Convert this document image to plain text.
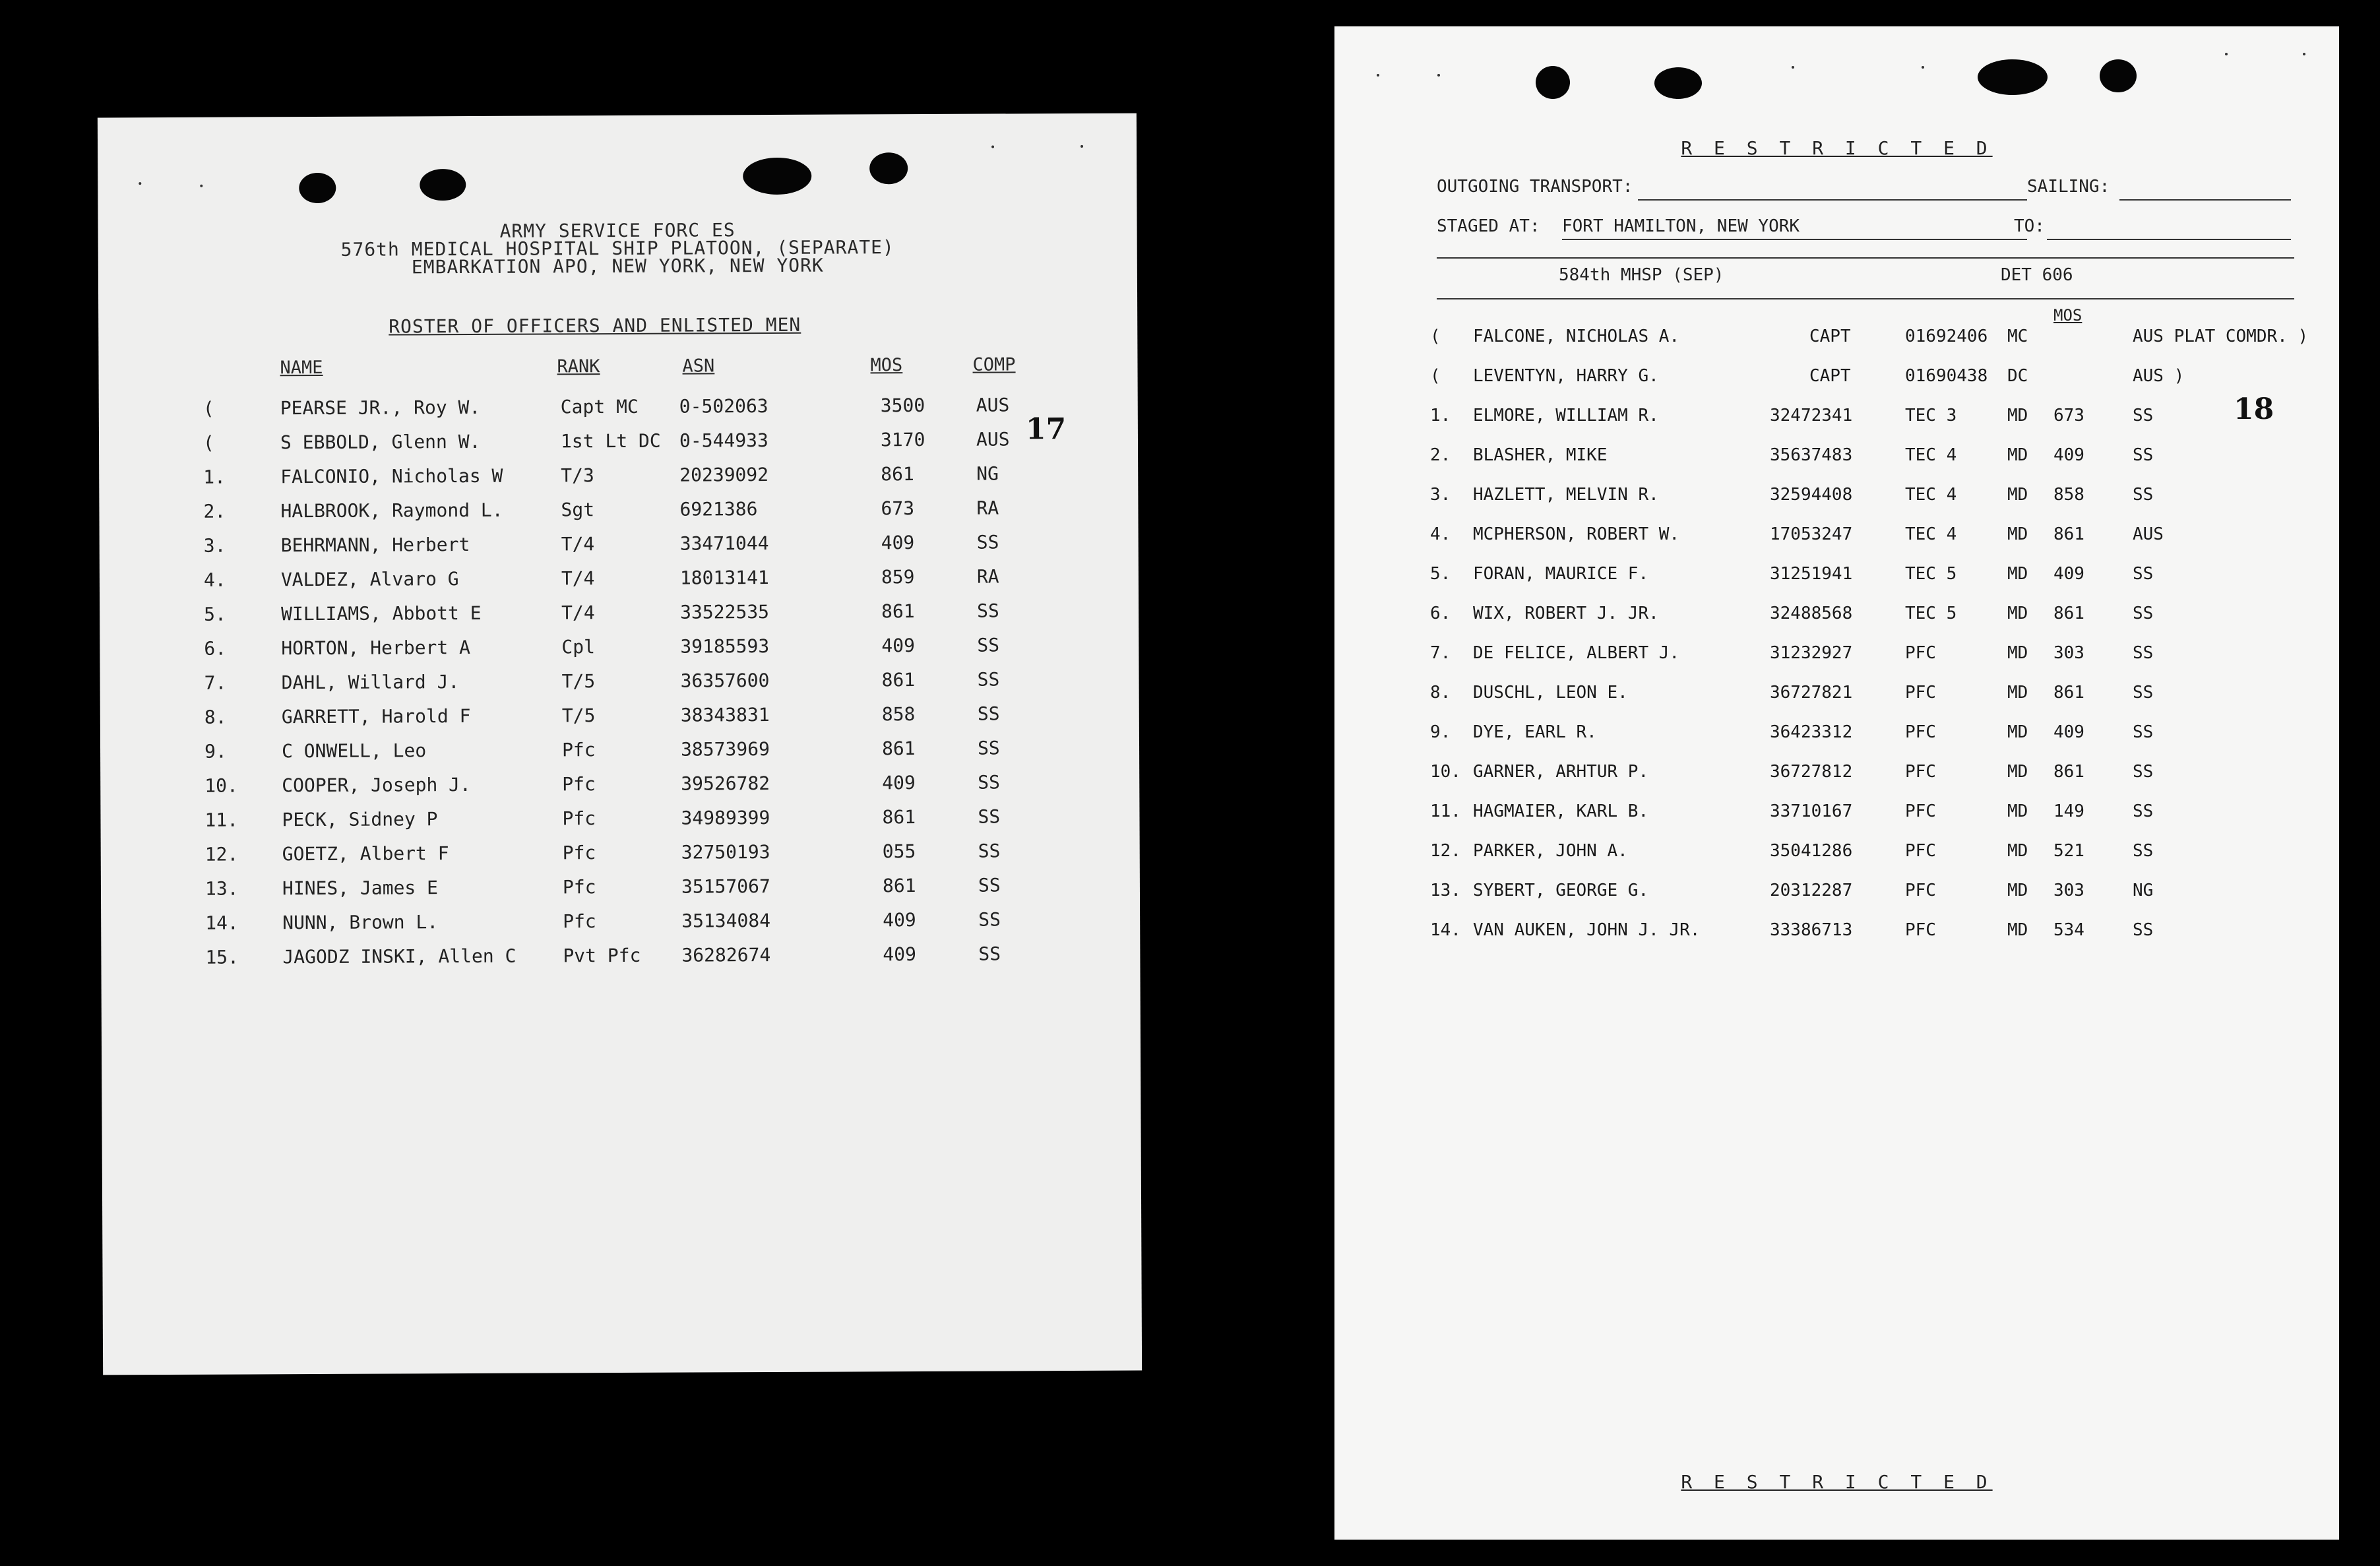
ARMY SERVICE FORC ES
576th MEDICAL HOSPITAL SHIP PLATOON, (SEPARATE)
EMBARKATION APO, NEW YORK, NEW YORK
ROSTER OF OFFICERS AND ENLISTED MEN
NAME	RANK	ASN	MOS	COMP
17
(	PEARSE JR., Roy W.	Capt MC 0-502063	3500	AUS
(	S EBBOLD, Glenn W.	1st Lt DC 0-544933	3170	AUS
1.	FALCONIO, Nicholas W	T/3	20239092	861	NG
2.	HALBROOK, Raymond L.	Sgt	6921386	673	RA
3.	BEHRMANN, Herbert	T/4	33471044	409	SS
4.	VALDEZ, Alvaro G	T/4	18013141	859	RA
5.	WILLIAMS, Abbott E	T/4	33522535	861	SS
6.	HORTON, Herbert A	Cpl	39185593	409	SS
7.	DAHL, Willard J.	T/5	36357600	861	SS
8.	GARRETT, Harold F	T/5	38343831	858	SS
9.	C ONWELL, Leo	Pfc	38573969	861	SS
10. COOPER, Joseph J.	Pfc	39526782	409	SS
11. PECK, Sidney P	Pfc	34989399	861	SS
12. GOETZ, Albert F	Pfc	32750193	055	SS
13. HINES, James E	Pfc	35157067	861	SS
14. NUNN, Brown L.	Pfc	35134084	409	SS
15. JAGODZ INSKI, Allen C	Pvt Pfc 36282674	409	SS
R E S T R I C T E D
OUTGOING TRANSPORT:	SAILING:
STAGED AT: FORT HAMILTON, NEW YORK	TO:
584th MHSP (SEP)	DET 606
MOS
18
( FALCONE, NICHOLAS A.	CAPT	01692406 MC	AUS PLAT COMDR. )
( LEVENTYN, HARRY G.	CAPT	01690438 DC	AUS )
1. ELMORE, WILLIAM R.	32472341	TEC 3	MD 673	SS
2. BLASHER, MIKE	35637483	TEC 4	MD 409	SS
3. HAZLETT, MELVIN R.	32594408	TEC 4	MD 858	SS
4. MCPHERSON, ROBERT W.	17053247	TEC 4	MD 861	AUS
5. FORAN, MAURICE F.	31251941	TEC 5	MD 409	SS
6. WIX, ROBERT J. JR.	32488568	TEC 5	MD 861	SS
7. DE FELICE, ALBERT J.	31232927	PFC	MD 303	SS
8. DUSCHL, LEON E.	36727821	PFC	MD 861	SS
9. DYE, EARL R.	36423312	PFC	MD 409	SS
10. GARNER, ARHTUR P.	36727812	PFC	MD 861	SS
11. HAGMAIER, KARL B.	33710167	PFC	MD 149	SS
12. PARKER, JOHN A.	35041286	PFC	MD 521	SS
13. SYBERT, GEORGE G.	20312287	PFC	MD 303	NG
14. VAN AUKEN, JOHN J. JR.	33386713	PFC	MD 534	SS
R E S T R I C T E D
